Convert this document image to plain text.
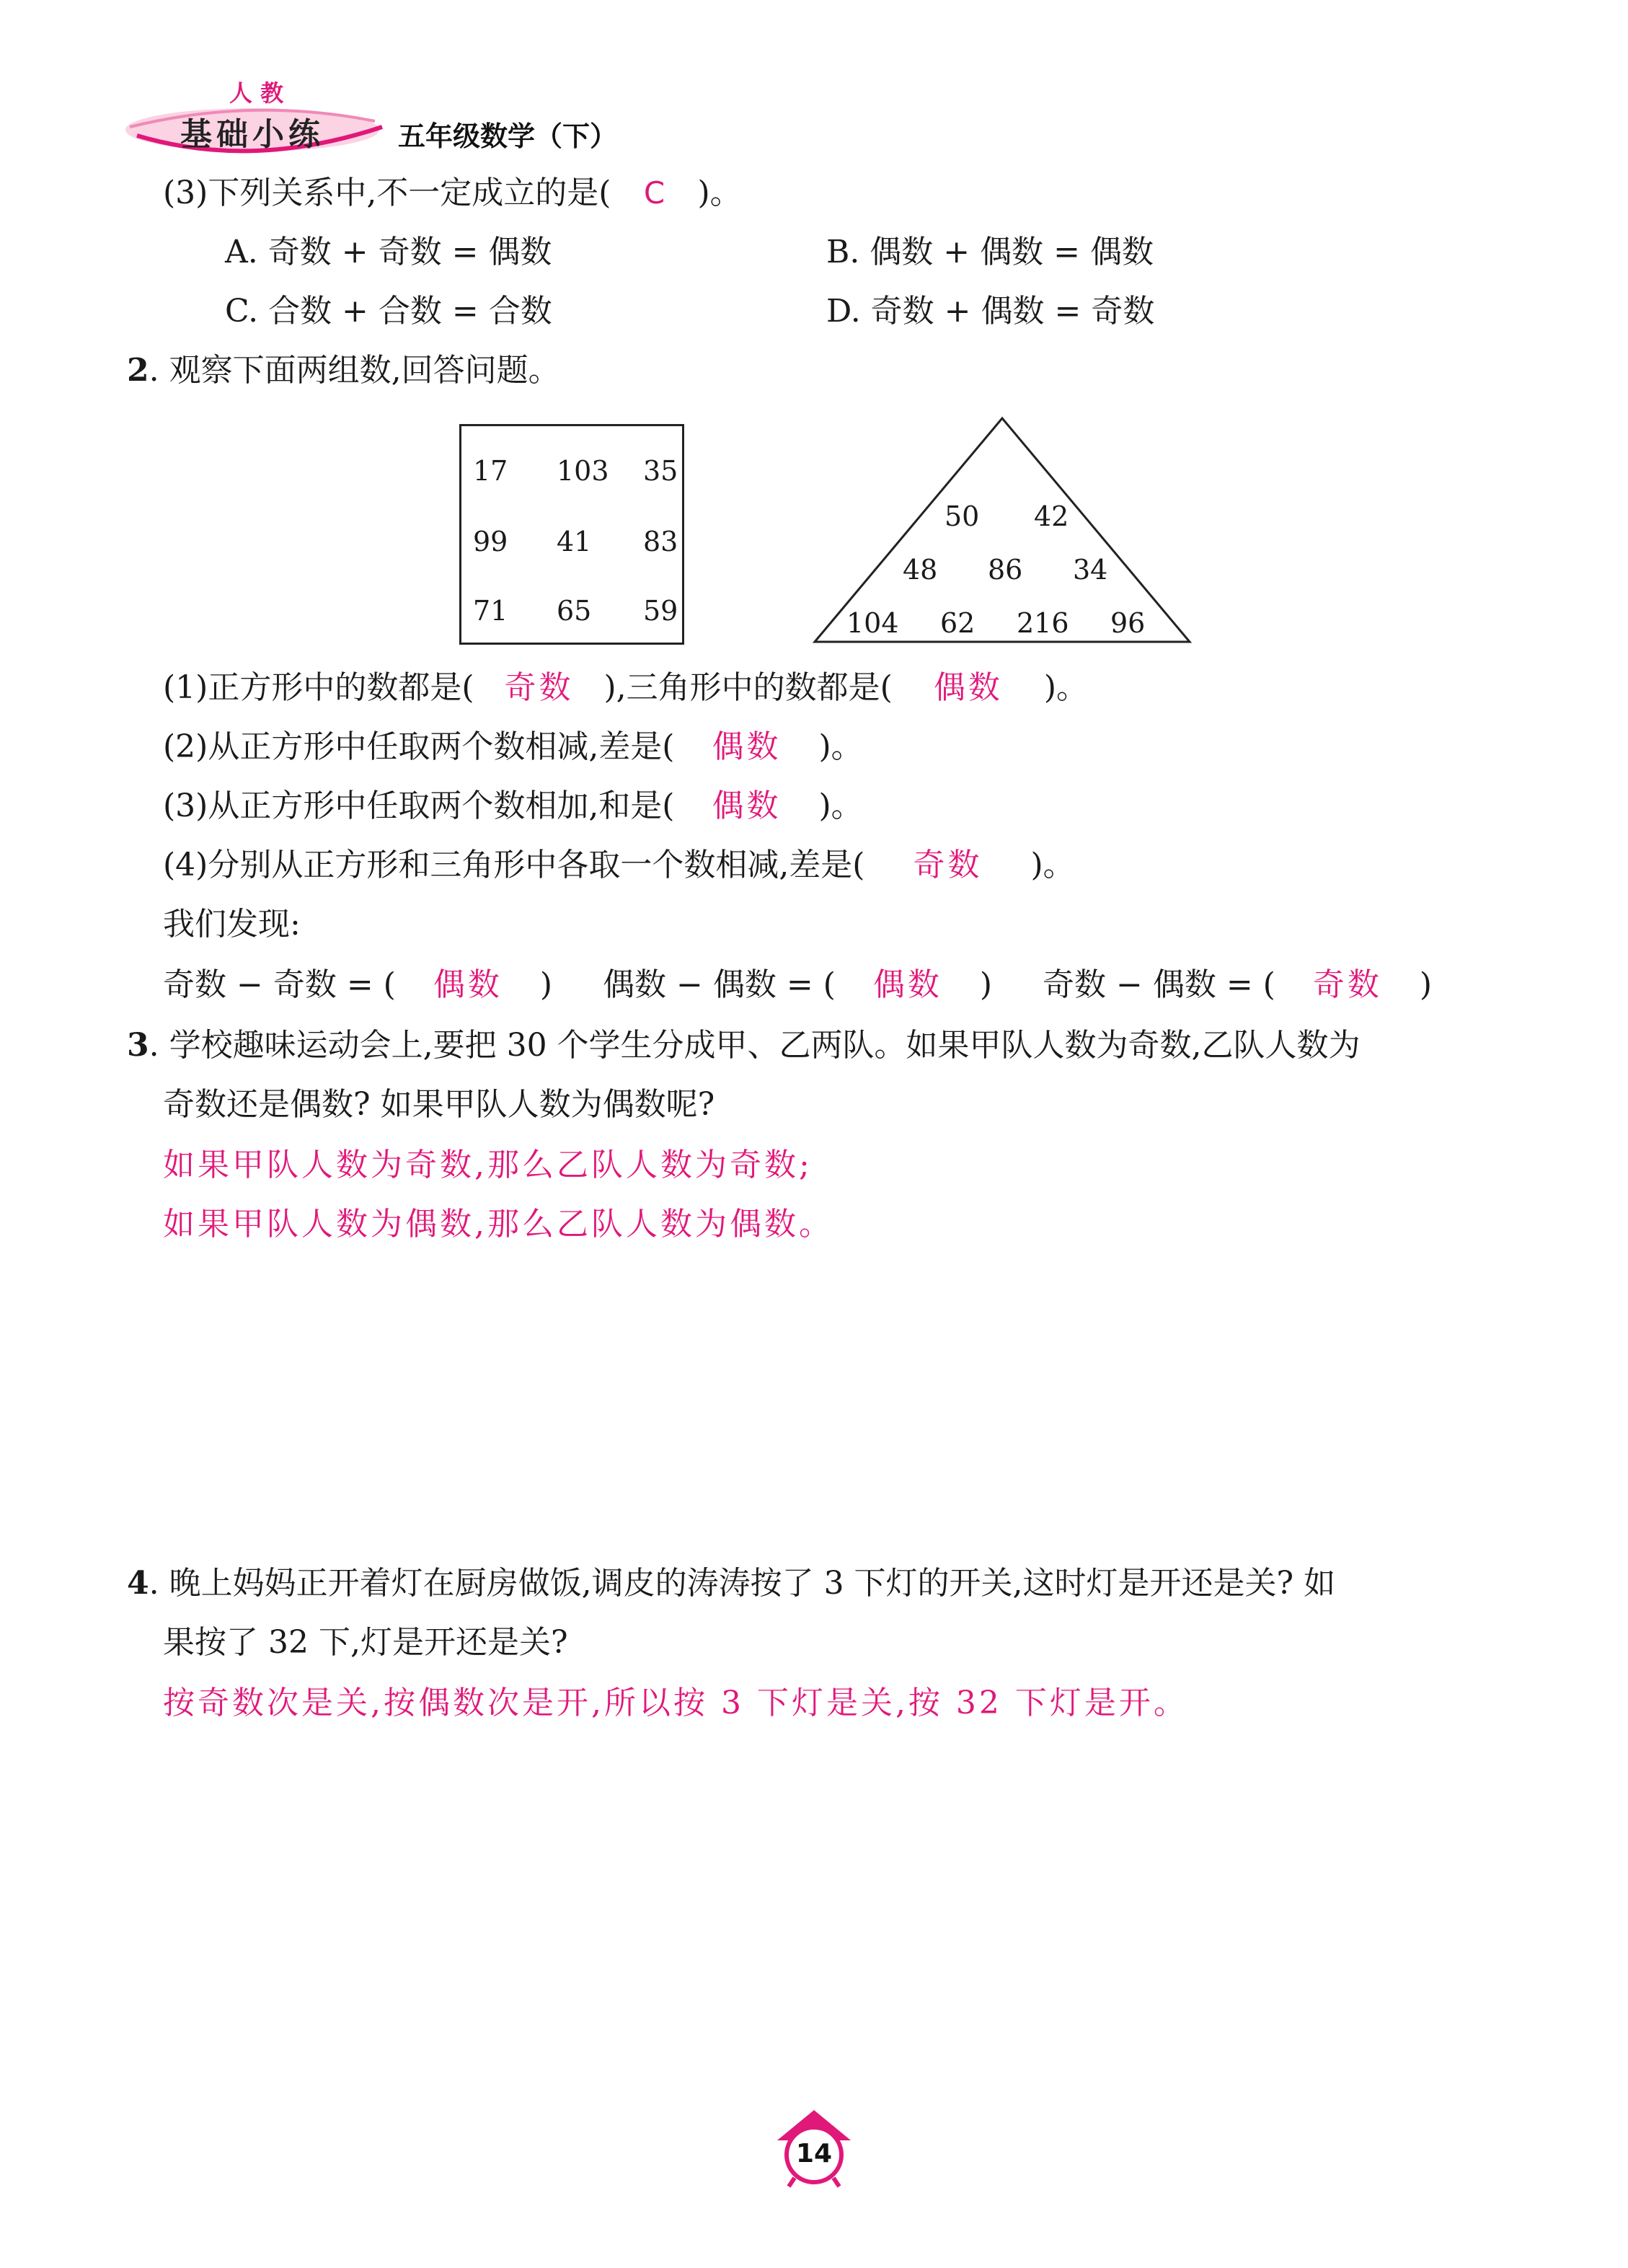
人 教
基础小练	五年级数学（下）
(3)下列关系中,不一定成立的是( C )。
A. 奇数 + 奇数 = 偶数	B. 偶数 + 偶数 = 偶数
C. 合数 + 合数 = 合数	D. 奇数 + 偶数 = 奇数
2. 观察下面两组数,回答问题。
17 103 35
99 41 83
71 65 59
50 42
48 86 34
104 62 216 96
(1)正方形中的数都是( 奇数 ),三角形中的数都是( 偶数 )。
(2)从正方形中任取两个数相减,差是( 偶数 )。
(3)从正方形中任取两个数相加,和是( 偶数 )。
(4)分别从正方形和三角形中各取一个数相减,差是( 奇数 )。
我们发现:
奇数 − 奇数 = ( 偶数 ) 偶数 − 偶数 = ( 偶数 ) 奇数 − 偶数 = ( 奇数 )
3. 学校趣味运动会上,要把 30 个学生分成甲、乙两队。如果甲队人数为奇数,乙队人数为
奇数还是偶数? 如果甲队人数为偶数呢?
如果甲队人数为奇数,那么乙队人数为奇数;
如果甲队人数为偶数,那么乙队人数为偶数。
4. 晚上妈妈正开着灯在厨房做饭,调皮的涛涛按了 3 下灯的开关,这时灯是开还是关? 如
果按了 32 下,灯是开还是关?
按奇数次是关,按偶数次是开,所以按 3 下灯是关,按 32 下灯是开。
14
